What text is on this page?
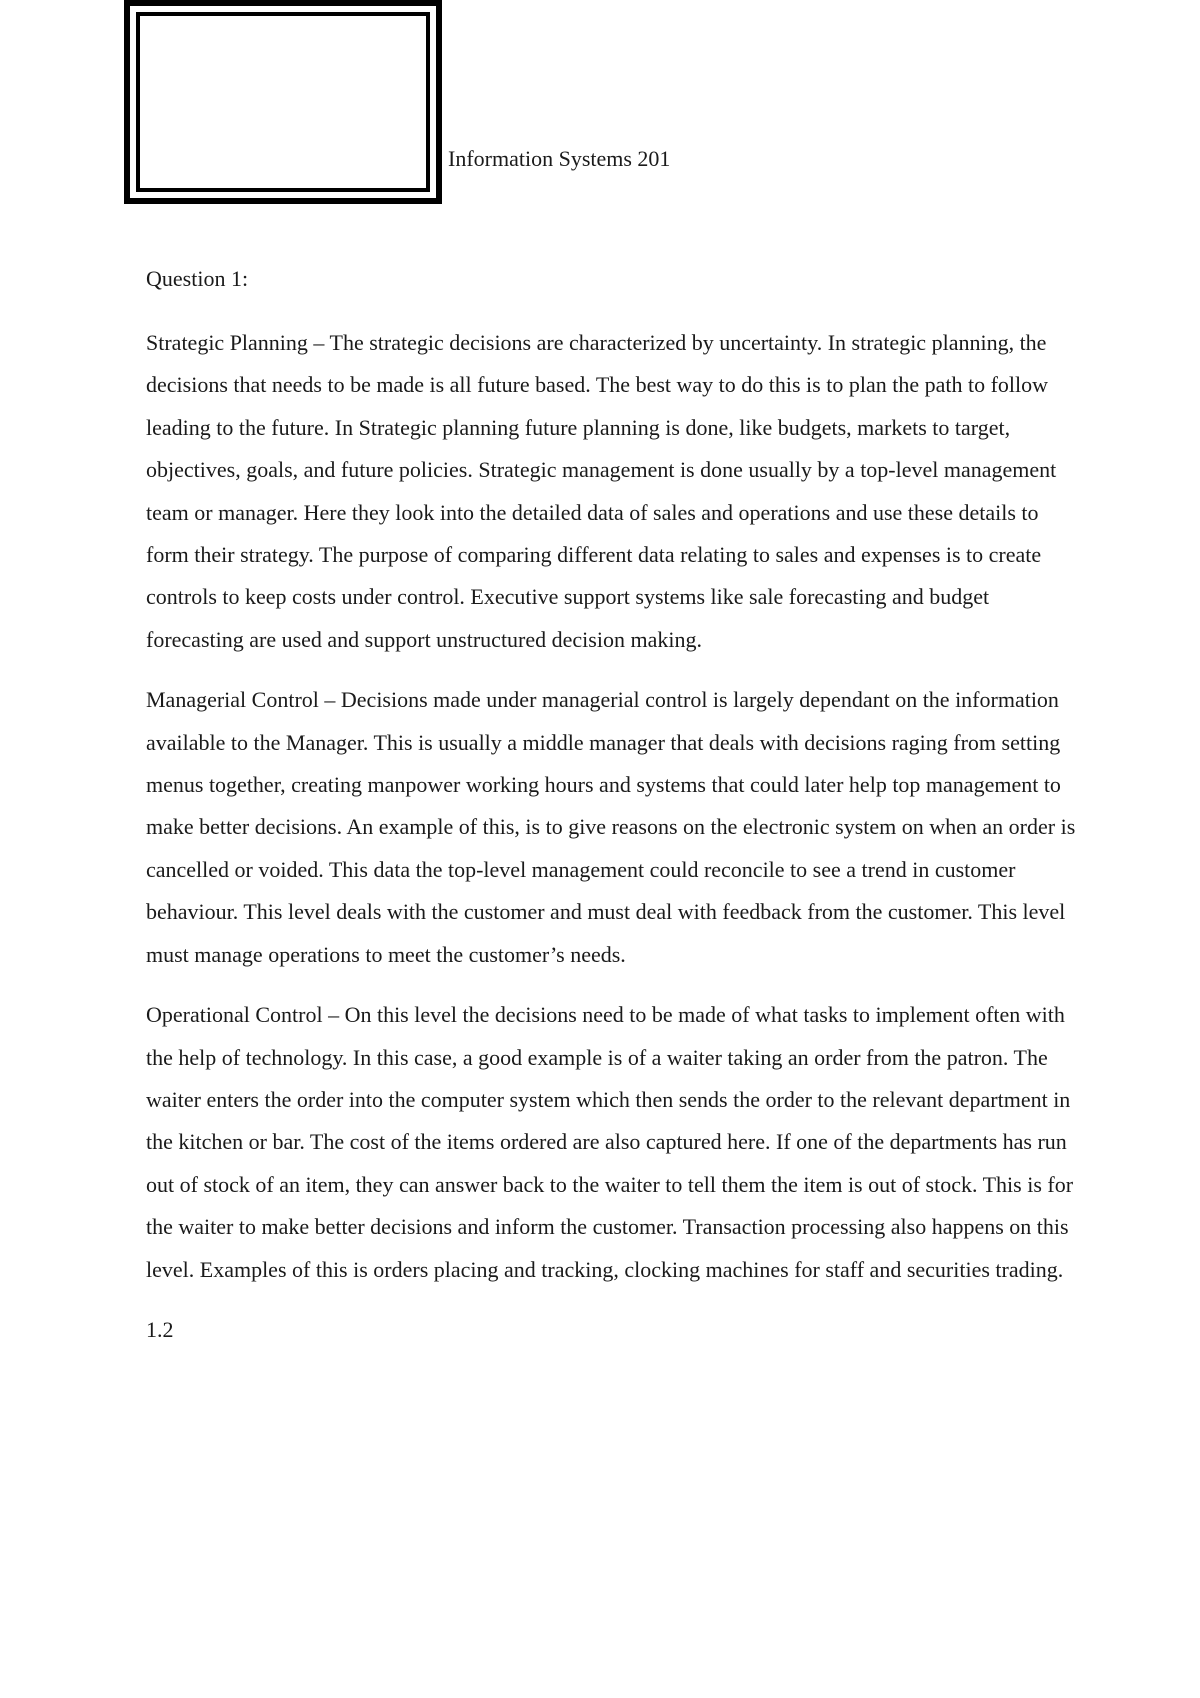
Information Systems 201

Question 1:

Strategic Planning – The strategic decisions are characterized by uncertainty. In strategic planning, the decisions that needs to be made is all future based. The best way to do this is to plan the path to follow leading to the future. In Strategic planning future planning is done, like budgets, markets to target, objectives, goals, and future policies. Strategic management is done usually by a top-level management team or manager. Here they look into the detailed data of sales and operations and use these details to form their strategy. The purpose of comparing different data relating to sales and expenses is to create controls to keep costs under control. Executive support systems like sale forecasting and budget forecasting are used and support unstructured decision making.

Managerial Control – Decisions made under managerial control is largely dependant on the information available to the Manager. This is usually a middle manager that deals with decisions raging from setting menus together, creating manpower working hours and systems that could later help top management to make better decisions. An example of this, is to give reasons on the electronic system on when an order is cancelled or voided. This data the top-level management could reconcile to see a trend in customer behaviour. This level deals with the customer and must deal with feedback from the customer. This level must manage operations to meet the customer’s needs.

Operational Control – On this level the decisions need to be made of what tasks to implement often with the help of technology. In this case, a good example is of a waiter taking an order from the patron. The waiter enters the order into the computer system which then sends the order to the relevant department in the kitchen or bar. The cost of the items ordered are also captured here. If one of the departments has run out of stock of an item, they can answer back to the waiter to tell them the item is out of stock. This is for the waiter to make better decisions and inform the customer. Transaction processing also happens on this level. Examples of this is orders placing and tracking, clocking machines for staff and securities trading.

1.2
